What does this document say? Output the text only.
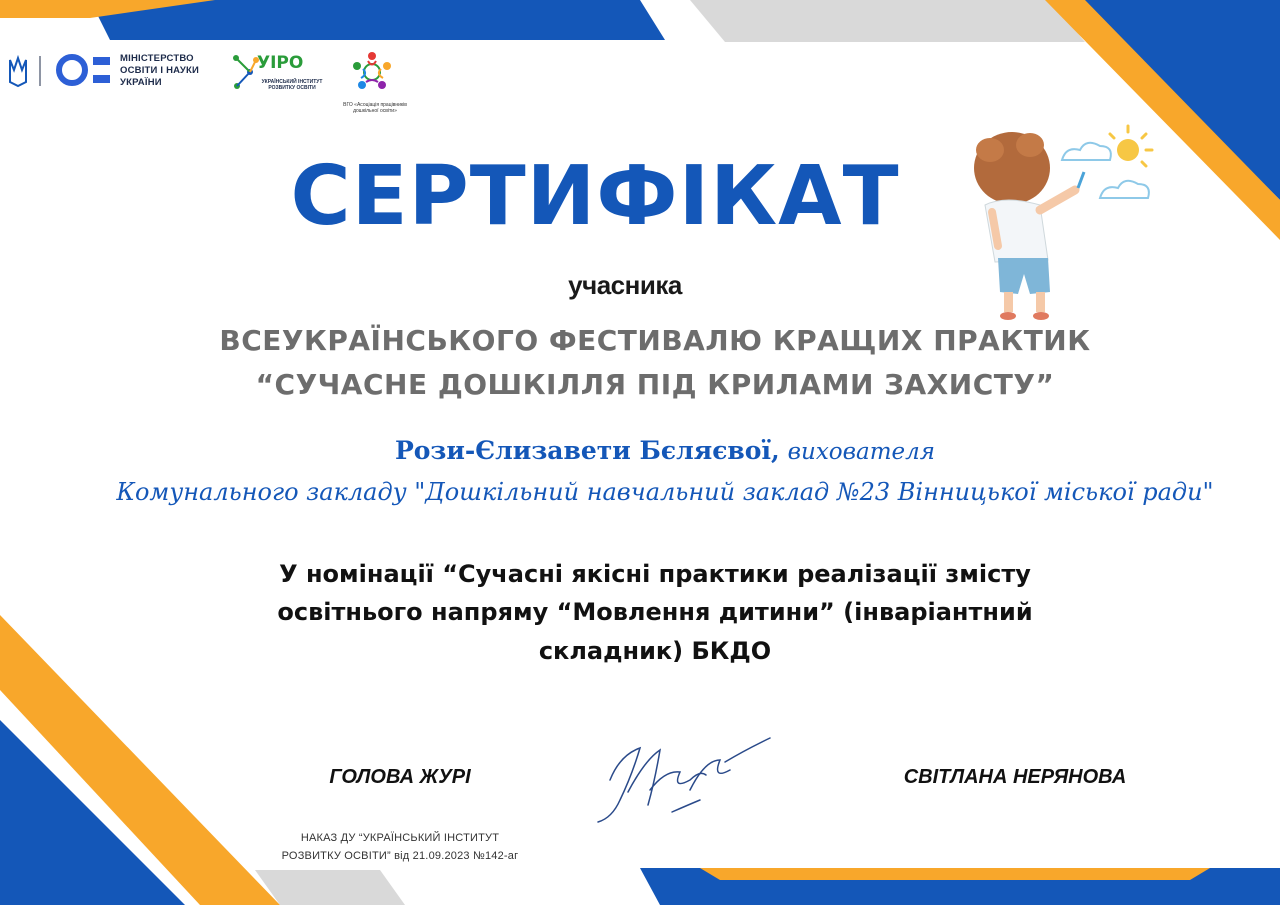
МІНІСТЕРСТВО ОСВІТИ І НАУКИ УКРАЇНИ
УІРО
УКРАЇНСЬКИЙ ІНСТИТУТ РОЗВИТКУ ОСВІТИ
ВГО «Асоціація працівників дошкільної освіти»
СЕРТИФІКАТ
учасника
ВСЕУКРАЇНСЬКОГО ФЕСТИВАЛЮ КРАЩИХ ПРАКТИК
“СУЧАСНЕ ДОШКІЛЛЯ ПІД КРИЛАМИ ЗАХИСТУ”
Рози-Єлизавети Бєляєвої, вихователя
Комунального закладу "Дошкільний навчальний заклад №23 Вінницької міської ради"
У номінації “Сучасні якісні практики реалізації змісту
освітнього напряму “Мовлення дитини” (інваріантний
складник) БКДО
ГОЛОВА ЖУРІ	СВІТЛАНА НЕРЯНОВА
НАКАЗ ДУ “УКРАЇНСЬКИЙ ІНСТИТУТ
РОЗВИТКУ ОСВІТИ” від 21.09.2023 №142-аг
